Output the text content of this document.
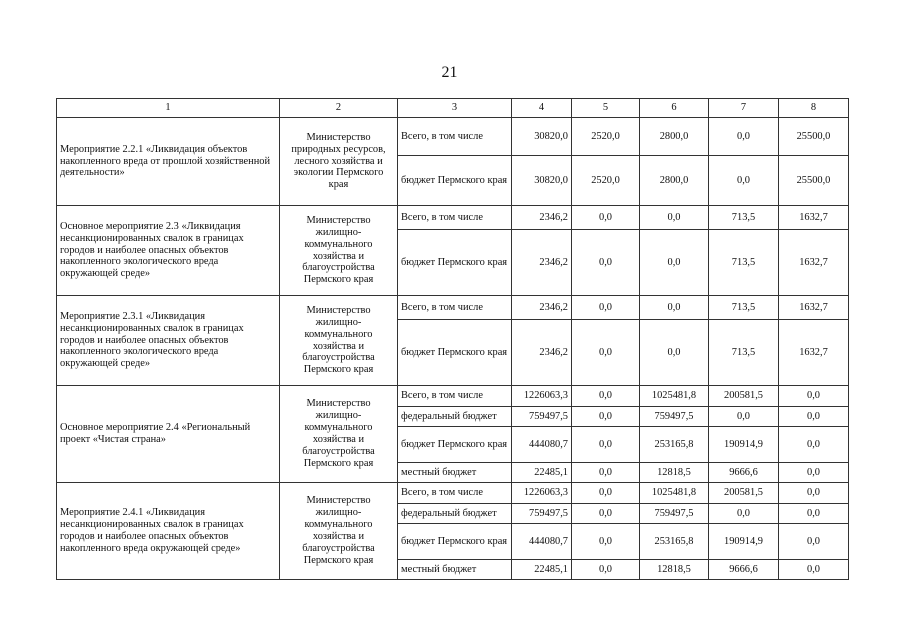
21
1	2	3	4	5	6	7	8
Мероприятие 2.2.1 «Ликвидация объектов накопленного вреда от прошлой хозяйственной деятельности»	Министерство природных ресурсов, лесного хозяйства и экологии Пермского края	Всего, в том числе	30820,0	2520,0	2800,0	0,0	25500,0
		бюджет Пермского края	30820,0	2520,0	2800,0	0,0	25500,0
Основное мероприятие 2.3 «Ликвидация несанкционированных свалок в границах городов и наиболее опасных объектов накопленного экологического вреда окружающей среде»	Министерство жилищно-коммунального хозяйства и благоустройства Пермского края	Всего, в том числе	2346,2	0,0	0,0	713,5	1632,7
		бюджет Пермского края	2346,2	0,0	0,0	713,5	1632,7
Мероприятие 2.3.1 «Ликвидация несанкционированных свалок в границах городов и наиболее опасных объектов накопленного экологического вреда окружающей среде»	Министерство жилищно-коммунального хозяйства и благоустройства Пермского края	Всего, в том числе	2346,2	0,0	0,0	713,5	1632,7
		бюджет Пермского края	2346,2	0,0	0,0	713,5	1632,7
Основное мероприятие 2.4 «Региональный проект «Чистая страна»	Министерство жилищно-коммунального хозяйства и благоустройства Пермского края	Всего, в том числе	1226063,3	0,0	1025481,8	200581,5	0,0
		федеральный бюджет	759497,5	0,0	759497,5	0,0	0,0
		бюджет Пермского края	444080,7	0,0	253165,8	190914,9	0,0
		местный бюджет	22485,1	0,0	12818,5	9666,6	0,0
Мероприятие 2.4.1 «Ликвидация несанкционированных свалок в границах городов и наиболее опасных объектов накопленного вреда окружающей среде»	Министерство жилищно-коммунального хозяйства и благоустройства Пермского края	Всего, в том числе	1226063,3	0,0	1025481,8	200581,5	0,0
		федеральный бюджет	759497,5	0,0	759497,5	0,0	0,0
		бюджет Пермского края	444080,7	0,0	253165,8	190914,9	0,0
		местный бюджет	22485,1	0,0	12818,5	9666,6	0,0
